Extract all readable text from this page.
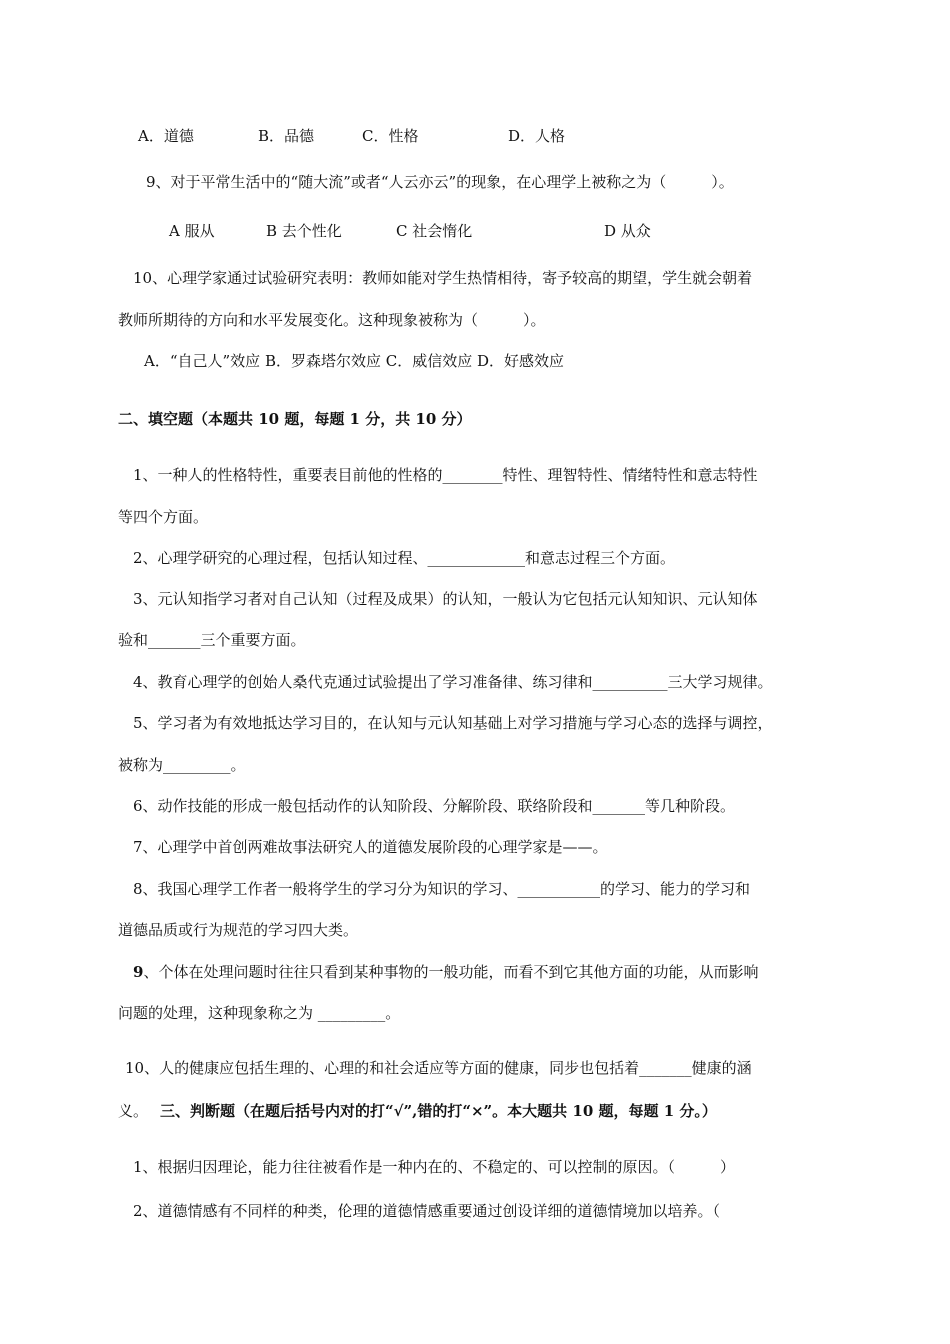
A．道德	B．品德	C．性格	D．人格
9、对于平常生活中的“随大流”或者“人云亦云”的现象，在心理学上被称之为（　　　）。
A 服从	B 去个性化	C 社会惰化	D 从众
10、心理学家通过试验研究表明：教师如能对学生热情相待，寄予较高的期望，学生就会朝着
教师所期待的方向和水平发展变化。这种现象被称为（　　　）。
A．“自己人”效应 B．罗森塔尔效应 C．威信效应 D．好感效应
二、填空题（本题共 10 题，每题 1 分，共 10 分）
1、一种人的性格特性，重要表目前他的性格的________特性、理智特性、情绪特性和意志特性
等四个方面。
2、心理学研究的心理过程，包括认知过程、_____________和意志过程三个方面。
3、元认知指学习者对自己认知（过程及成果）的认知，一般认为它包括元认知知识、元认知体
验和_______三个重要方面。
4、教育心理学的创始人桑代克通过试验提出了学习准备律、练习律和__________三大学习规律。
5、学习者为有效地抵达学习目的，在认知与元认知基础上对学习措施与学习心态的选择与调控，
被称为_________。
6、动作技能的形成一般包括动作的认知阶段、分解阶段、联络阶段和_______等几种阶段。
7、心理学中首创两难故事法研究人的道德发展阶段的心理学家是——。
8、我国心理学工作者一般将学生的学习分为知识的学习、___________的学习、能力的学习和
道德品质或行为规范的学习四大类。
9、个体在处理问题时往往只看到某种事物的一般功能，而看不到它其他方面的功能，从而影响
问题的处理，这种现象称之为 _________。
10、人的健康应包括生理的、心理的和社会适应等方面的健康，同步也包括着_______健康的涵
义。 三、判断题（在题后括号内对的打“√”,错的打“×”。本大题共 10 题，每题 1 分。）
1、根据归因理论，能力往往被看作是一种内在的、不稳定的、可以控制的原因。（　　　）
2、道德情感有不同样的种类，伦理的道德情感重要通过创设详细的道德情境加以培养。（
